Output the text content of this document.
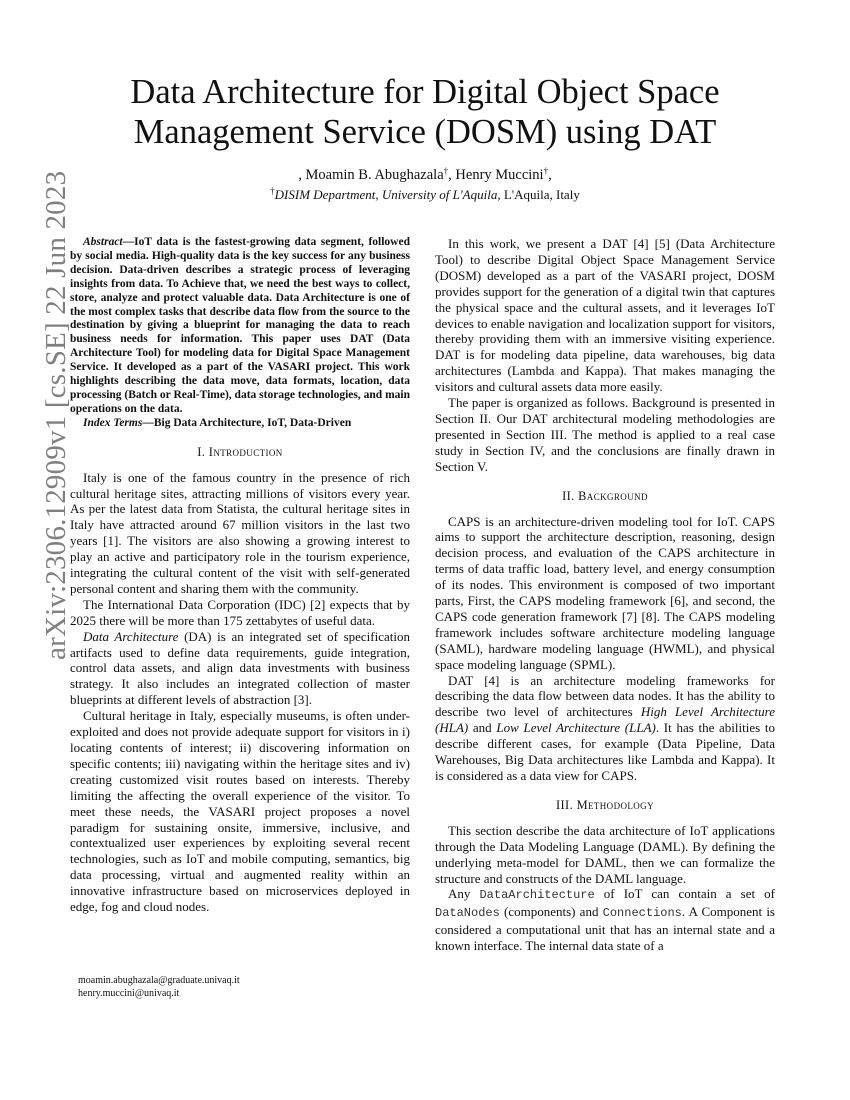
arXiv:2306.12909v1 [cs.SE] 22 Jun 2023
Data Architecture for Digital Object Space
Management Service (DOSM) using DAT
, Moamin B. Abughazala†, Henry Muccini†,
†DISIM Department, University of L'Aquila, L'Aquila, Italy

Abstract—IoT data is the fastest-growing data segment, followed by social media. High-quality data is the key success for any business decision. Data-driven describes a strategic process of leveraging insights from data. To Achieve that, we need the best ways to collect, store, analyze and protect valuable data. Data Architecture is one of the most complex tasks that describe data flow from the source to the destination by giving a blueprint for managing the data to reach business needs for information. This paper uses DAT (Data Architecture Tool) for modeling data for Digital Space Management Service. It developed as a part of the VASARI project. This work highlights describing the data move, data formats, location, data processing (Batch or Real-Time), data storage technologies, and main operations on the data.

Index Terms—Big Data Architecture, IoT, Data-Driven

I. Introduction

Italy is one of the famous country in the presence of rich cultural heritage sites, attracting millions of visitors every year. As per the latest data from Statista, the cultural heritage sites in Italy have attracted around 67 million visitors in the last two years [1]. The visitors are also showing a growing interest to play an active and participatory role in the tourism experience, integrating the cultural content of the visit with self-generated personal content and sharing them with the community.

The International Data Corporation (IDC) [2] expects that by 2025 there will be more than 175 zettabytes of useful data.

Data Architecture (DA) is an integrated set of specification artifacts used to define data requirements, guide integration, control data assets, and align data investments with business strategy. It also includes an integrated collection of master blueprints at different levels of abstraction [3].

Cultural heritage in Italy, especially museums, is often under-exploited and does not provide adequate support for visitors in i) locating contents of interest; ii) discovering information on specific contents; iii) navigating within the heritage sites and iv) creating customized visit routes based on interests. Thereby limiting the affecting the overall experience of the visitor. To meet these needs, the VASARI project proposes a novel paradigm for sustaining onsite, immersive, inclusive, and contextualized user experiences by exploiting several recent technologies, such as IoT and mobile computing, semantics, big data processing, virtual and augmented reality within an innovative infrastructure based on microservices deployed in edge, fog and cloud nodes.

In this work, we present a DAT [4] [5] (Data Architecture Tool) to describe Digital Object Space Management Service (DOSM) developed as a part of the VASARI project, DOSM provides support for the generation of a digital twin that captures the physical space and the cultural assets, and it leverages IoT devices to enable navigation and localization support for visitors, thereby providing them with an immersive visiting experience. DAT is for modeling data pipeline, data warehouses, big data architectures (Lambda and Kappa). That makes managing the visitors and cultural assets data more easily.

The paper is organized as follows. Background is presented in Section II. Our DAT architectural modeling methodologies are presented in Section III. The method is applied to a real case study in Section IV, and the conclusions are finally drawn in Section V.

II. Background

CAPS is an architecture-driven modeling tool for IoT. CAPS aims to support the architecture description, reasoning, design decision process, and evaluation of the CAPS architecture in terms of data traffic load, battery level, and energy consumption of its nodes. This environment is composed of two important parts, First, the CAPS modeling framework [6], and second, the CAPS code generation framework [7] [8]. The CAPS modeling framework includes software architecture modeling language (SAML), hardware modeling language (HWML), and physical space modeling language (SPML).

DAT [4] is an architecture modeling frameworks for describing the data flow between data nodes. It has the ability to describe two level of architectures High Level Architecture (HLA) and Low Level Architecture (LLA). It has the abilities to describe different cases, for example (Data Pipeline, Data Warehouses, Big Data architectures like Lambda and Kappa). It is considered as a data view for CAPS.

III. Methodology

This section describe the data architecture of IoT applications through the Data Modeling Language (DAML). By defining the underlying meta-model for DAML, then we can formalize the structure and constructs of the DAML language.

Any DataArchitecture of IoT can contain a set of DataNodes (components) and Connections. A Component is considered a computational unit that has an internal state and a known interface. The internal data state of a

moamin.abughazala@graduate.univaq.it
henry.muccini@univaq.it
